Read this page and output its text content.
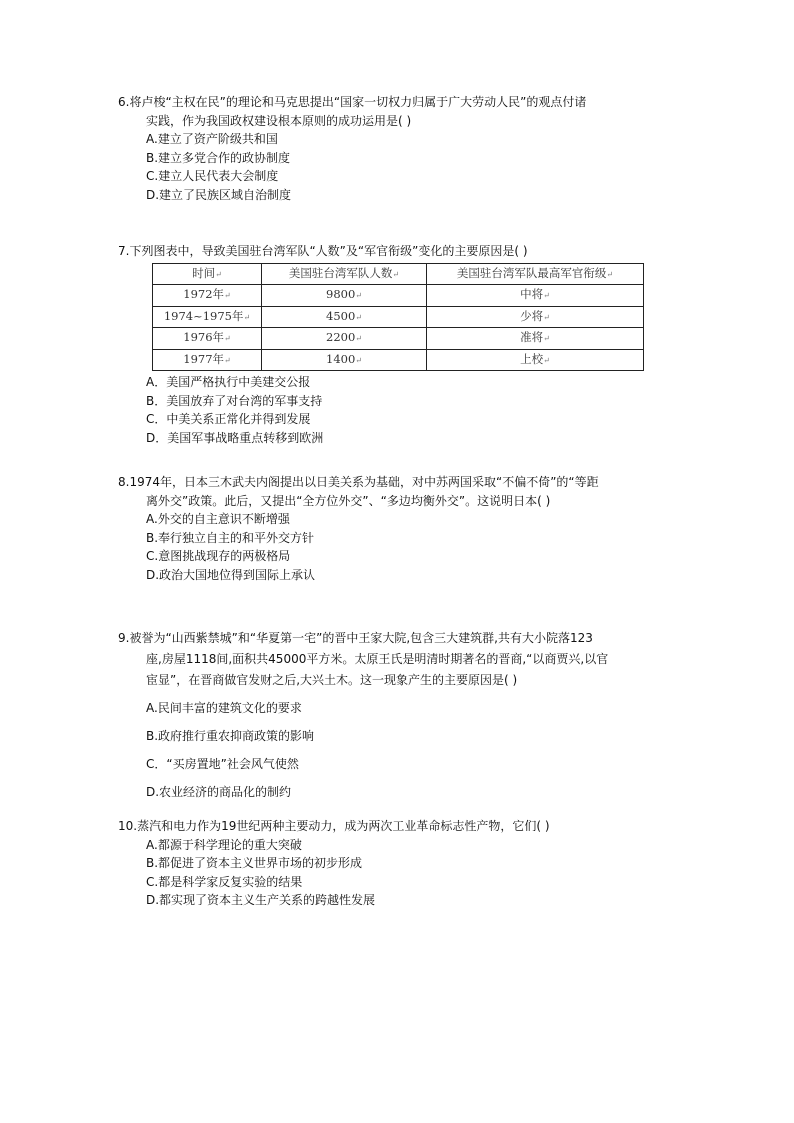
6.将卢梭“主权在民”的理论和马克思提出“国家一切权力归属于广大劳动人民”的观点付诸
实践，作为我国政权建设根本原则的成功运用是( )
A.建立了资产阶级共和国
B.建立多党合作的政协制度
C.建立人民代表大会制度
D.建立了民族区域自治制度
7.下列图表中，导致美国驻台湾军队“人数”及“军官衔级”变化的主要原因是( )
时间↵	美国驻台湾军队人数↵	美国驻台湾军队最高军官衔级↵
1972年↵	9800↵	中将↵
1974~1975年↵	4500↵	少将↵
1976年↵	2200↵	准将↵
1977年↵	1400↵	上校↵
A．美国严格执行中美建交公报
B．美国放弃了对台湾的军事支持
C．中美关系正常化并得到发展
D．美国军事战略重点转移到欧洲
8.1974年，日本三木武夫内阁提出以日美关系为基础，对中苏两国采取“不偏不倚”的“等距
离外交”政策。此后，又提出“全方位外交”、“多边均衡外交”。这说明日本( )
A.外交的自主意识不断增强
B.奉行独立自主的和平外交方针
C.意图挑战现存的两极格局
D.政治大国地位得到国际上承认
9.被誉为“山西紫禁城”和“华夏第一宅”的晋中王家大院,包含三大建筑群,共有大小院落123
座,房屋1118间,面积共45000平方米。太原王氏是明清时期著名的晋商,“以商贾兴,以官
宦显”，在晋商做官发财之后,大兴土木。这一现象产生的主要原因是( )
A.民间丰富的建筑文化的要求
B.政府推行重农抑商政策的影响
C．“买房置地”社会风气使然
D.农业经济的商品化的制约
10.蒸汽和电力作为19世纪两种主要动力，成为两次工业革命标志性产物，它们( )
A.都源于科学理论的重大突破
B.都促进了资本主义世界市场的初步形成
C.都是科学家反复实验的结果
D.都实现了资本主义生产关系的跨越性发展
